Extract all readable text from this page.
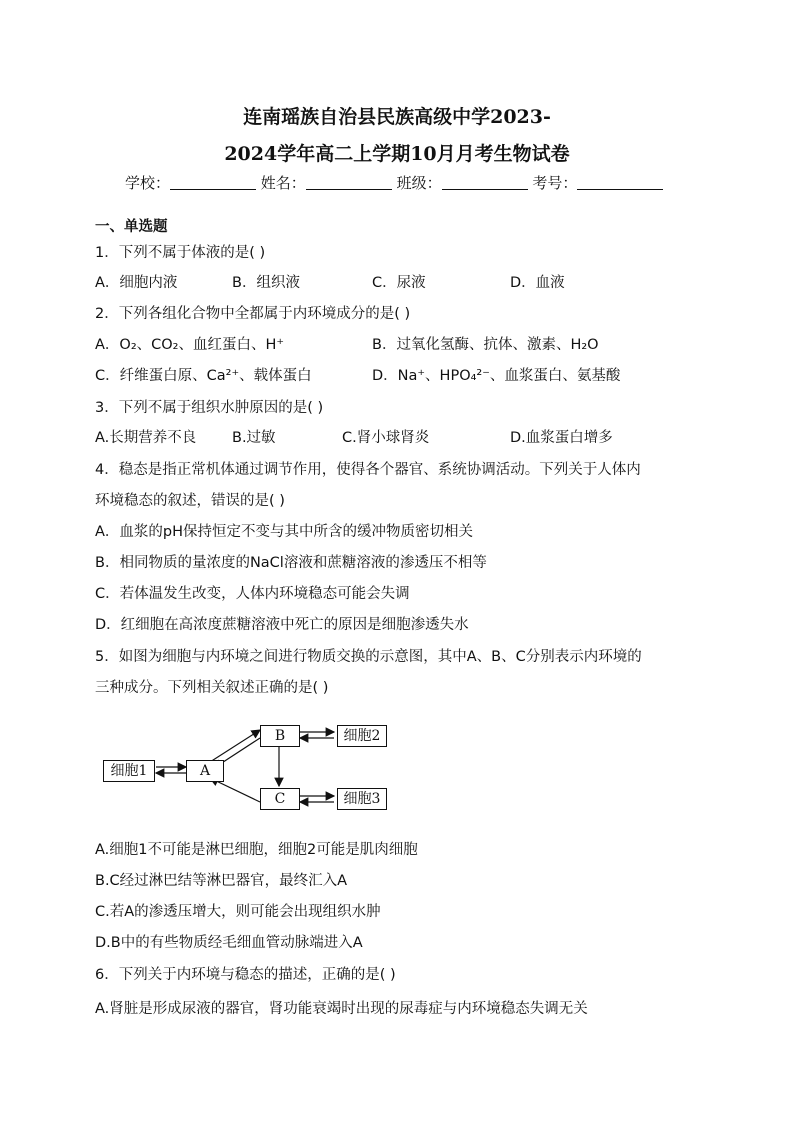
连南瑶族自治县民族高级中学2023-
2024学年高二上学期10月月考生物试卷
学校：	姓名：	班级：	考号：
一、单选题
1．下列不属于体液的是( )
A．细胞内液	B．组织液	C．尿液	D．血液
2．下列各组化合物中全都属于内环境成分的是( )
A．O₂、CO₂、血红蛋白、H⁺	B．过氧化氢酶、抗体、激素、H₂O
C．纤维蛋白原、Ca²⁺、载体蛋白	D．Na⁺、HPO₄²⁻、血浆蛋白、氨基酸
3．下列不属于组织水肿原因的是( )
A.长期营养不良 B.过敏	C.肾小球肾炎	D.血浆蛋白增多
4．稳态是指正常机体通过调节作用，使得各个器官、系统协调活动。下列关于人体内
环境稳态的叙述，错误的是( )
A．血浆的pH保持恒定不变与其中所含的缓冲物质密切相关
B．相同物质的量浓度的NaCl溶液和蔗糖溶液的渗透压不相等
C．若体温发生改变，人体内环境稳态可能会失调
D．红细胞在高浓度蔗糖溶液中死亡的原因是细胞渗透失水
5．如图为细胞与内环境之间进行物质交换的示意图，其中A、B、C分别表示内环境的
三种成分。下列相关叙述正确的是( )
细胞1	A
B	细胞2
C	细胞3
A.细胞1不可能是淋巴细胞，细胞2可能是肌肉细胞
B.C经过淋巴结等淋巴器官，最终汇入A
C.若A的渗透压增大，则可能会出现组织水肿
D.B中的有些物质经毛细血管动脉端进入A
6．下列关于内环境与稳态的描述，正确的是( )
A.肾脏是形成尿液的器官，肾功能衰竭时出现的尿毒症与内环境稳态失调无关
